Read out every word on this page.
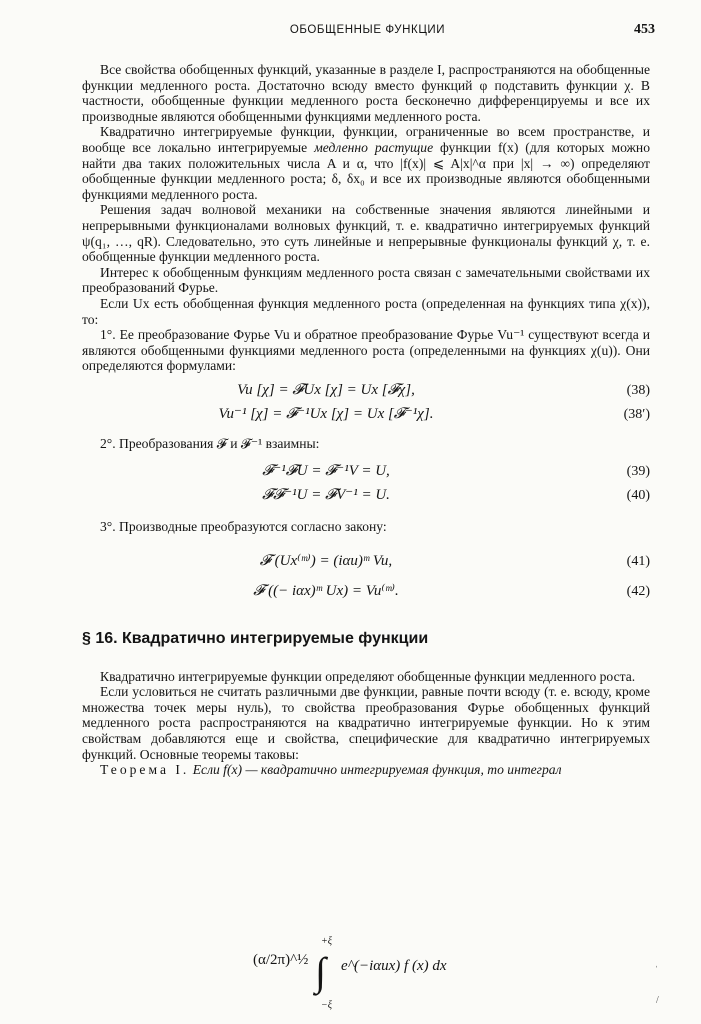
ОБОБЩЕННЫЕ ФУНКЦИИ	453

Все свойства обобщенных функций, указанные в разделе I, распространяются на обобщенные функции медленного роста. Достаточно всюду вместо функций φ подставить функции χ. В частности, обобщенные функции медленного роста бесконечно дифференцируемы и все их производные являются обобщенными функциями медленного роста.

Квадратично интегрируемые функции, функции, ограниченные во всем пространстве, и вообще все локально интегрируемые медленно растущие функции f(x) (для которых можно найти два таких положительных числа A и α, что |f(x)| ⩽ A|x|^α при |x| → ∞) определяют обобщенные функции медленного роста; δ, δx₀ и все их производные являются обобщенными функциями медленного роста.

Решения задач волновой механики на собственные значения являются линейными и непрерывными функционалами волновых функций, т. е. квадратично интегрируемых функций ψ(q₁, …, qR). Следовательно, это суть линейные и непрерывные функционалы функций χ, т. е. обобщенные функции медленного роста.

Интерес к обобщенным функциям медленного роста связан с замечательными свойствами их преобразований Фурье.

Если Ux есть обобщенная функция медленного роста (определенная на функциях типа χ(x)), то:

1°. Ее преобразование Фурье Vu и обратное преобразование Фурье Vu⁻¹ существуют всегда и являются обобщенными функциями медленного роста (определенными на функциях χ(u)). Они определяются формулами:

Vu [χ] = 𝓕Ux [χ] = Ux [𝓕χ],	(38)
Vu⁻¹ [χ] = 𝓕⁻¹Ux [χ] = Ux [𝓕⁻¹χ].	(38′)

2°. Преобразования 𝓕 и 𝓕⁻¹ взаимны:

𝓕⁻¹𝓕U = 𝓕⁻¹V = U,	(39)
𝓕𝓕⁻¹U = 𝓕V⁻¹ = U.	(40)

3°. Производные преобразуются согласно закону:

𝓕 (Ux⁽ᵐ⁾) = (iαu)ᵐ Vu,	(41)
𝓕 ((− iαx)ᵐ Ux) = Vu⁽ᵐ⁾.	(42)
§ 16. Квадратично интегрируемые функции

Квадратично интегрируемые функции определяют обобщенные функции медленного роста.

Если условиться не считать различными две функции, равные почти всюду (т. е. всюду, кроме множества точек меры нуль), то свойства преобразования Фурье обобщенных функций медленного роста распространяются на квадратично интегрируемые функции. Но к этим свойствам добавляются еще и свойства, специфические для квадратично интегрируемых функций. Основные теоремы таковы:

Теорема I. Если f(x) — квадратично интегрируемая функция, то интеграл

(α/2π)^½
+ξ
∫
−ξ
e^(−iαux) f (x) dx	ˈ
/
